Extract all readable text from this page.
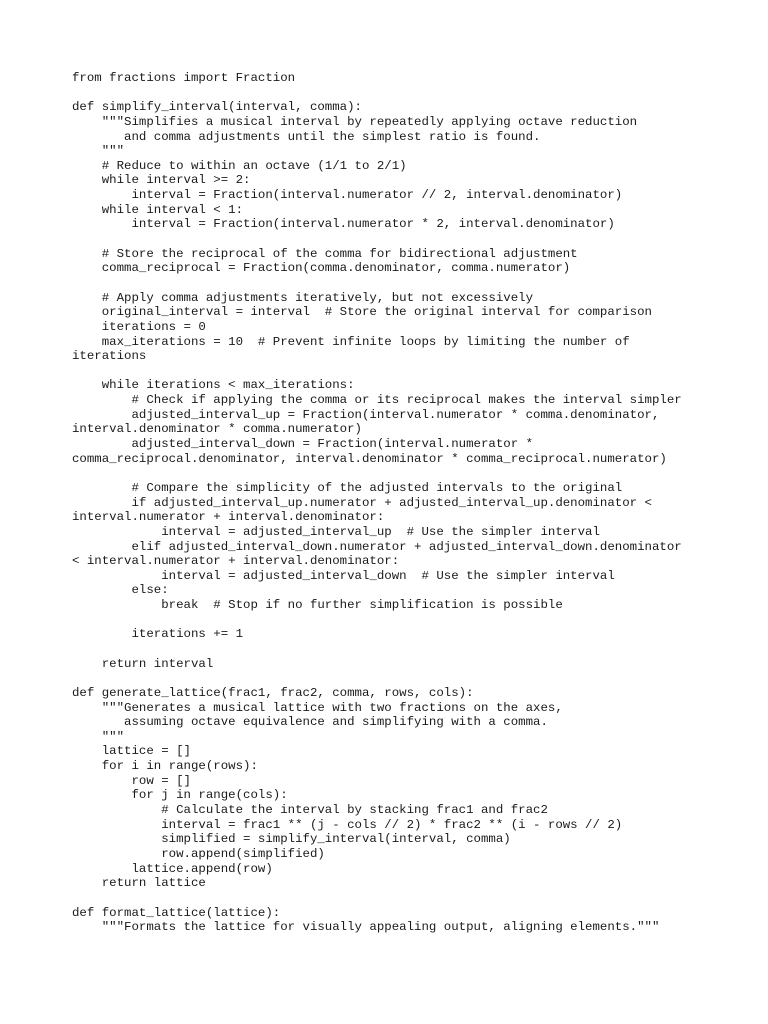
from fractions import Fraction
def simplify_interval(interval, comma):
"""Simplifies a musical interval by repeatedly applying octave reduction
and comma adjustments until the simplest ratio is found.
"""
# Reduce to within an octave (1/1 to 2/1)
while interval >= 2:
interval = Fraction(interval.numerator // 2, interval.denominator)
while interval < 1:
interval = Fraction(interval.numerator * 2, interval.denominator)
# Store the reciprocal of the comma for bidirectional adjustment
comma_reciprocal = Fraction(comma.denominator, comma.numerator)
# Apply comma adjustments iteratively, but not excessively
original_interval = interval  # Store the original interval for comparison
iterations = 0
max_iterations = 10  # Prevent infinite loops by limiting the number of
iterations
while iterations < max_iterations:
# Check if applying the comma or its reciprocal makes the interval simpler
adjusted_interval_up = Fraction(interval.numerator * comma.denominator,
interval.denominator * comma.numerator)
adjusted_interval_down = Fraction(interval.numerator *
comma_reciprocal.denominator, interval.denominator * comma_reciprocal.numerator)
# Compare the simplicity of the adjusted intervals to the original
if adjusted_interval_up.numerator + adjusted_interval_up.denominator <
interval.numerator + interval.denominator:
interval = adjusted_interval_up  # Use the simpler interval
elif adjusted_interval_down.numerator + adjusted_interval_down.denominator
< interval.numerator + interval.denominator:
interval = adjusted_interval_down  # Use the simpler interval
else:
break  # Stop if no further simplification is possible
iterations += 1
return interval
def generate_lattice(frac1, frac2, comma, rows, cols):
"""Generates a musical lattice with two fractions on the axes,
assuming octave equivalence and simplifying with a comma.
"""
lattice = []
for i in range(rows):
row = []
for j in range(cols):
# Calculate the interval by stacking frac1 and frac2
interval = frac1 ** (j - cols // 2) * frac2 ** (i - rows // 2)
simplified = simplify_interval(interval, comma)
row.append(simplified)
lattice.append(row)
return lattice
def format_lattice(lattice):
"""Formats the lattice for visually appealing output, aligning elements."""
